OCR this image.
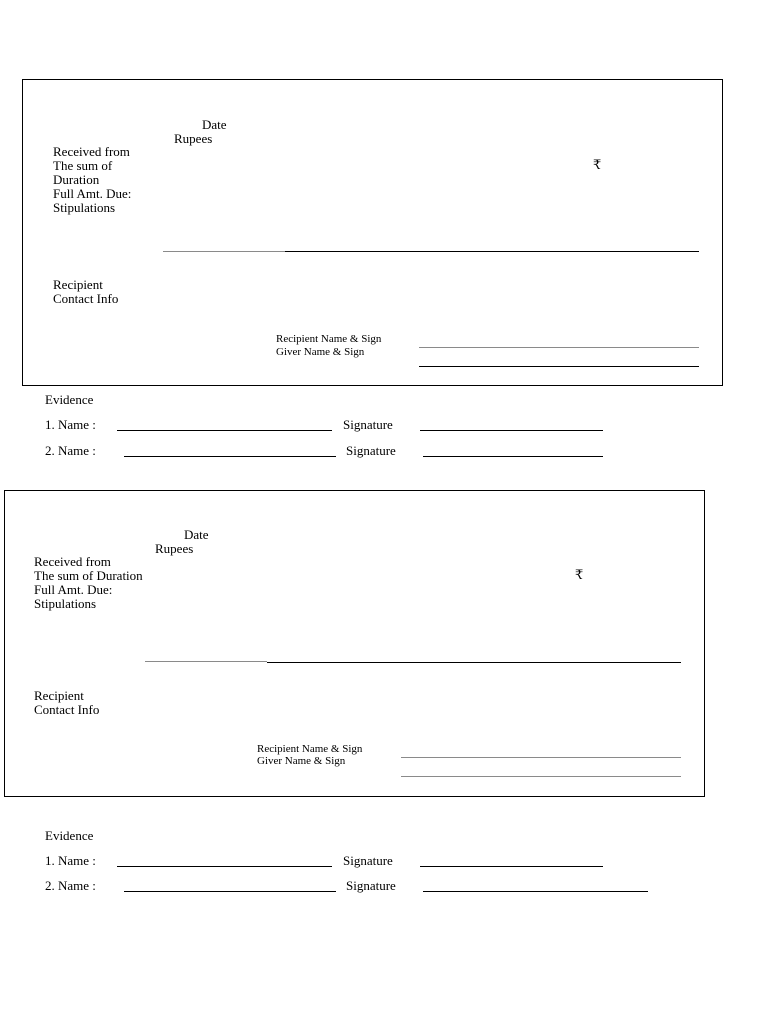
Date
Rupees
Received from
The sum of
Duration
Full Amt. Due:
Stipulations
₹
Recipient
Contact Info
Recipient Name & Sign
Giver Name & Sign
Evidence
1. Name :	Signature
2. Name :	Signature
Date
Rupees
Received from
The sum of Duration
Full Amt. Due:
Stipulations
₹
Recipient
Contact Info
Recipient Name & Sign
Giver Name & Sign
Evidence
1. Name :	Signature
2. Name :	Signature
